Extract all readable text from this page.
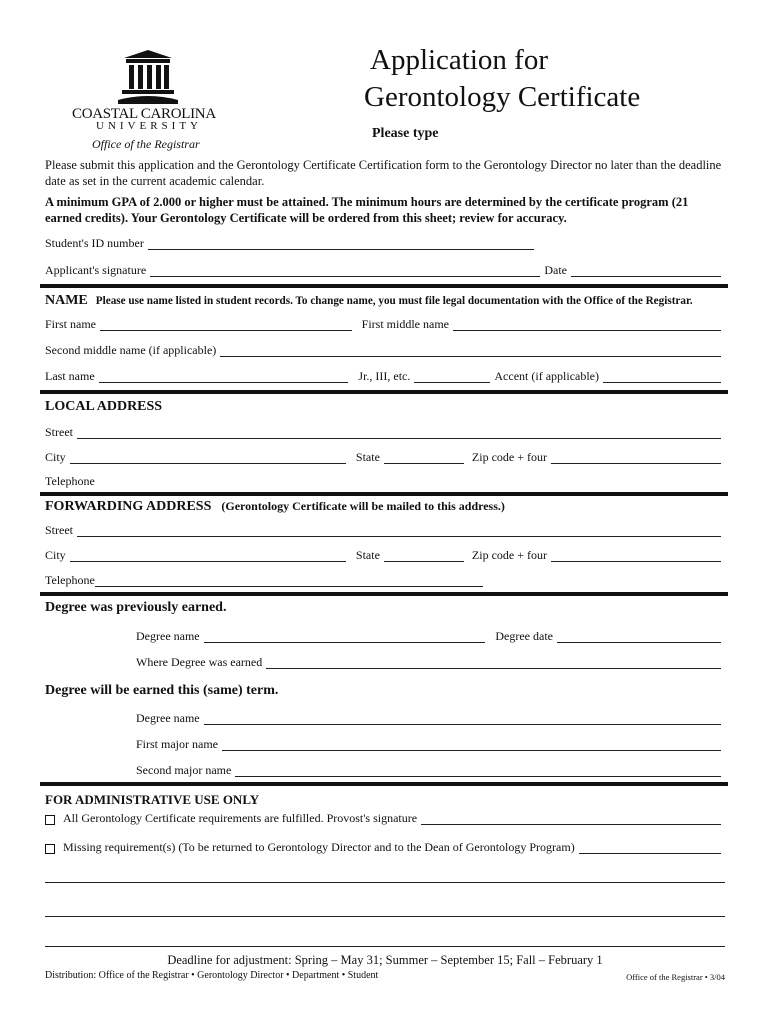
COASTAL CAROLINA
UNIVERSITY
Office of the Registrar
Application for
Gerontology Certificate
Please type
Please submit this application and the Gerontology Certificate Certification form to the Gerontology Director no later than the deadline date as set in the current academic calendar.
A minimum GPA of 2.000 or higher must be attained. The minimum hours are determined by the certificate program (21 earned credits). Your Gerontology Certificate will be ordered from this sheet; review for accuracy.
Student's ID number
Applicant's signature	Date
NAME Please use name listed in student records. To change name, you must file legal documentation with the Office of the Registrar.
First name	First middle name
Second middle name (if applicable)
Last name	Jr., III, etc.	Accent (if applicable)
LOCAL ADDRESS
Street
City	State	Zip code + four
Telephone
FORWARDING ADDRESS (Gerontology Certificate will be mailed to this address.)
Street
City	State	Zip code + four
Telephone
Degree was previously earned.
Degree name	Degree date
Where Degree was earned
Degree will be earned this (same) term.
Degree name
First major name
Second major name
FOR ADMINISTRATIVE USE ONLY
All Gerontology Certificate requirements are fulfilled. Provost's signature
Missing requirement(s) (To be returned to Gerontology Director and to the Dean of Gerontology Program)
Deadline for adjustment: Spring – May 31; Summer – September 15; Fall – February 1
Distribution: Office of the Registrar • Gerontology Director • Department • Student	Office of the Registrar • 3/04
